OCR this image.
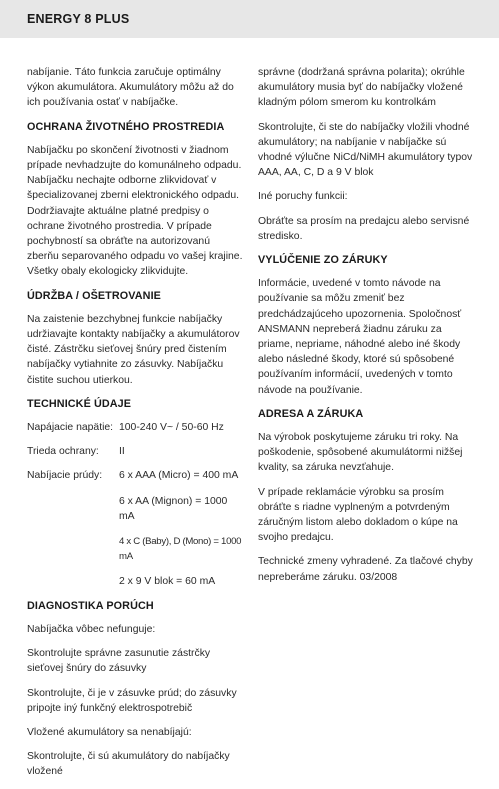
ENERGY 8 PLUS

nabíjanie. Táto funkcia zaručuje optimálny výkon akumulátora. Akumulátory môžu až do ich používania ostať v nabíjačke.

OCHRANA ŽIVOTNÉHO PROSTREDIA

Nabíjačku po skončení životnosti v žiadnom prípade nevhadzujte do komunálneho odpadu. Nabíjačku nechajte odborne zlikvidovať v špecializovanej zberni elektronického odpadu. Dodržiavajte aktuálne platné predpisy o ochrane životného prostredia. V prípade pochybností sa obráťte na autorizovanú zberňu separovaného odpadu vo vašej krajine. Všetky obaly ekologicky zlikvidujte.

ÚDRŽBA / OŠETROVANIE

Na zaistenie bezchybnej funkcie nabíjačky udržiavajte kontakty nabíjačky a akumulátorov čisté. Zástrčku sieťovej šnúry pred čistením nabíjačky vytiahnite zo zásuvky. Nabíjačku čistite suchou utierkou.

TECHNICKÉ ÚDAJE
Napájacie napätie: 100-240 V~ / 50-60 Hz
Trieda ochrany:	II
Nabíjacie prúdy:	6 x AAA (Micro) = 400 mA
6 x AA (Mignon) = 1000 mA
4 x C (Baby), D (Mono) = 1000 mA
2 x 9 V blok = 60 mA
DIAGNOSTIKA PORÚCH

Nabíjačka vôbec nefunguje:

Skontrolujte správne zasunutie zástrčky sieťovej šnúry do zásuvky

Skontrolujte, či je v zásuvke prúd; do zásuvky pripojte iný funkčný elektrospotrebič

Vložené akumulátory sa nenabíjajú:

Skontrolujte, či sú akumulátory do nabíjačky vložené

správne (dodržaná správna polarita); okrúhle akumulátory musia byť do nabíjačky vložené kladným pólom smerom ku kontrolkám

Skontrolujte, či ste do nabíjačky vložili vhodné akumulátory; na nabíjanie v nabíjačke sú vhodné výlučne NiCd/NiMH akumulátory typov AAA, AA, C, D a 9 V blok

Iné poruchy funkcii:

Obráťte sa prosím na predajcu alebo servisné stredisko.

VYLÚČENIE ZO ZÁRUKY

Informácie, uvedené v tomto návode na používanie sa môžu zmeniť bez predchádzajúceho upozornenia. Spoločnosť ANSMANN nepreberá žiadnu záruku za priame, nepriame, náhodné alebo iné škody alebo následné škody, ktoré sú spôsobené používaním informácií, uvedených v tomto návode na používanie.

ADRESA A ZÁRUKA

Na výrobok poskytujeme záruku tri roky. Na poškodenie, spôsobené akumulátormi nižšej kvality, sa záruka nevzťahuje.

V prípade reklamácie výrobku sa prosím obráťte s riadne vyplneným a potvrdeným záručným listom alebo dokladom o kúpe na svojho predajcu.

Technické zmeny vyhradené. Za tlačové chyby nepreberáme záruku. 03/2008
